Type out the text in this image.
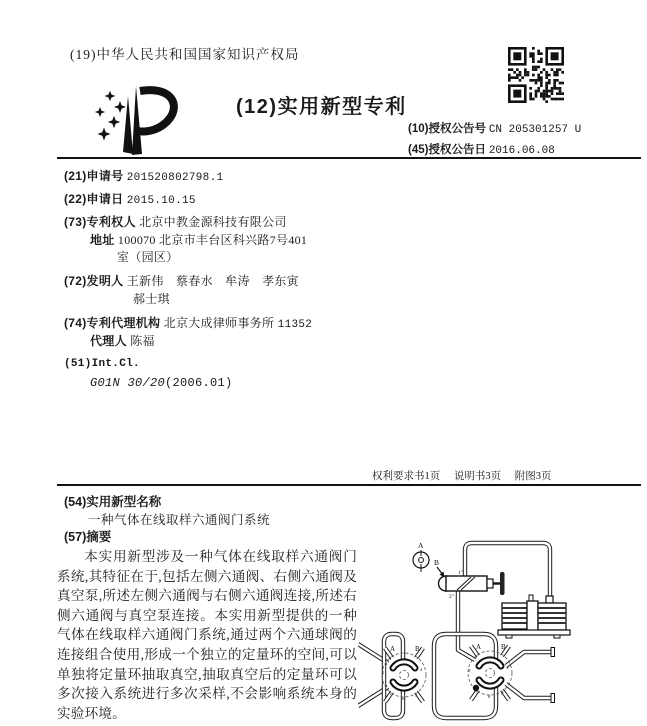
(19)中华人民共和国国家知识产权局
(12)实用新型专利
(10)授权公告号 CN 205301257 U
(45)授权公告日 2016.06.08
(21)申请号 201520802798.1
(22)申请日 2015.10.15
(73)专利权人 北京中教金源科技有限公司
地址 100070 北京市丰台区科兴路7号401
室（园区）
(72)发明人 王新伟　蔡春水　牟涛　孝东寅
郝士琪
(74)专利代理机构 北京大成律师事务所 11352
代理人 陈福
(51)Int.Cl.
G01N 30/20(2006.01)
权利要求书1页 说明书3页 附图3页
(54)实用新型名称
一种气体在线取样六通阀门系统
(57)摘要
本实用新型涉及一种气体在线取样六通阀门系统,其特征在于,包括左侧六通阀、右侧六通阀及真空泵,所述左侧六通阀与右侧六通阀连接,所述右侧六通阀与真空泵连接。本实用新型提供的一种气体在线取样六通阀门系统,通过两个六通球阀的连接组合使用,形成一个独立的定量环的空间,可以单独将定量环抽取真空,抽取真空后的定量环可以多次接入系统进行多次采样,不会影响系统本身的实验环境。
1''
2''
A
B
A	B
2
3
4
5
6
1
A	B
2'
3'
4'
5'
6'
1'
